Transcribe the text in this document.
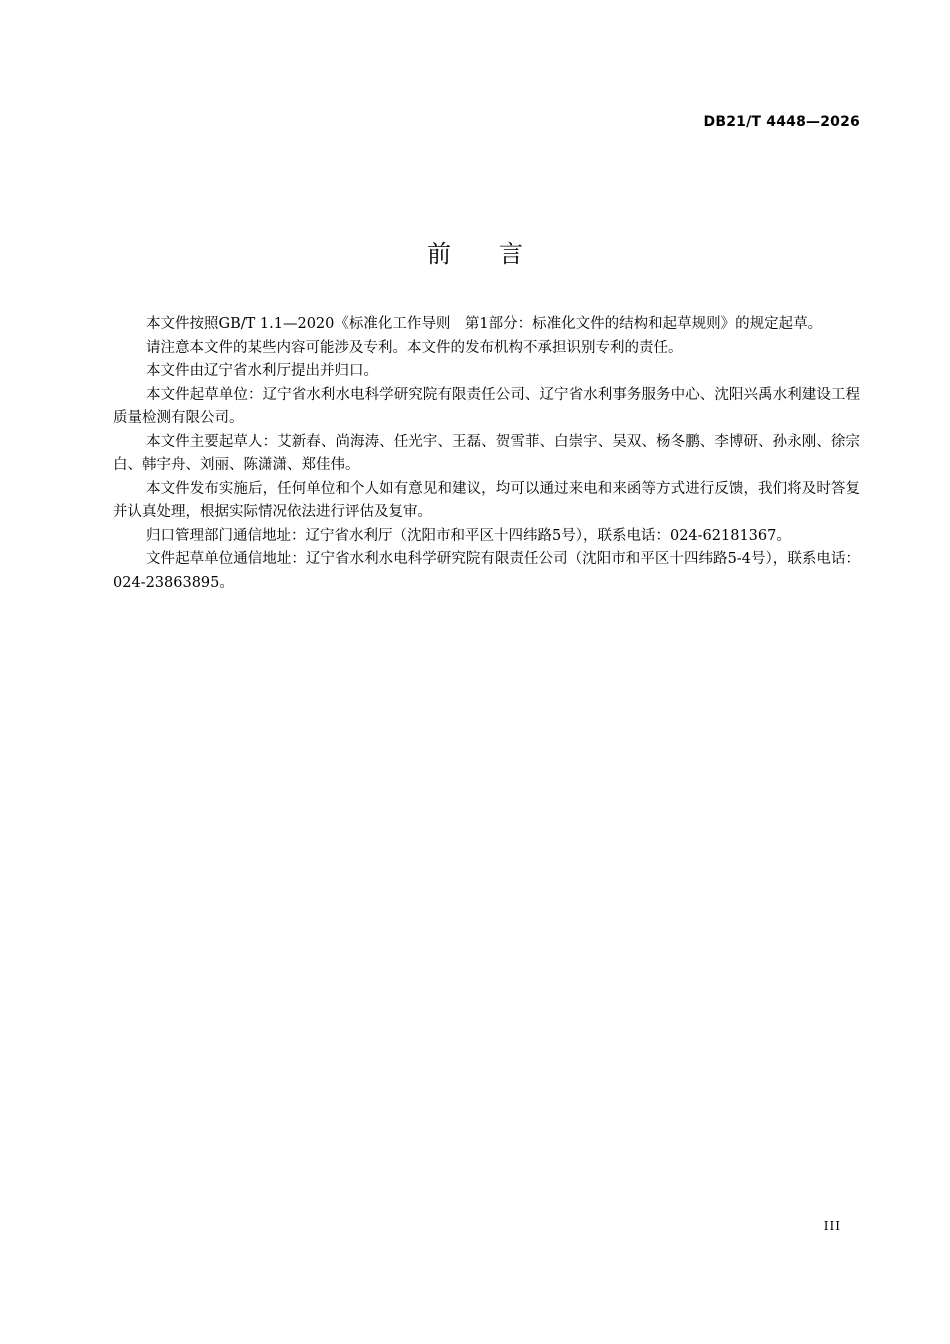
DB21/T 4448—2026
前　　言

本文件按照GB/T 1.1—2020《标准化工作导则　第1部分：标准化文件的结构和起草规则》的规定起草。

请注意本文件的某些内容可能涉及专利。本文件的发布机构不承担识别专利的责任。

本文件由辽宁省水利厅提出并归口。

本文件起草单位：辽宁省水利水电科学研究院有限责任公司、辽宁省水利事务服务中心、沈阳兴禹水利建设工程质量检测有限公司。

本文件主要起草人：艾新春、尚海涛、任光宇、王磊、贺雪菲、白崇宇、吴双、杨冬鹏、李博研、孙永刚、徐宗白、韩宇舟、刘丽、陈潇潇、郑佳伟。

本文件发布实施后，任何单位和个人如有意见和建议，均可以通过来电和来函等方式进行反馈，我们将及时答复并认真处理，根据实际情况依法进行评估及复审。

归口管理部门通信地址：辽宁省水利厅（沈阳市和平区十四纬路5号），联系电话：024-62181367。

文件起草单位通信地址：辽宁省水利水电科学研究院有限责任公司（沈阳市和平区十四纬路5-4号），联系电话：024-23863895。

III
